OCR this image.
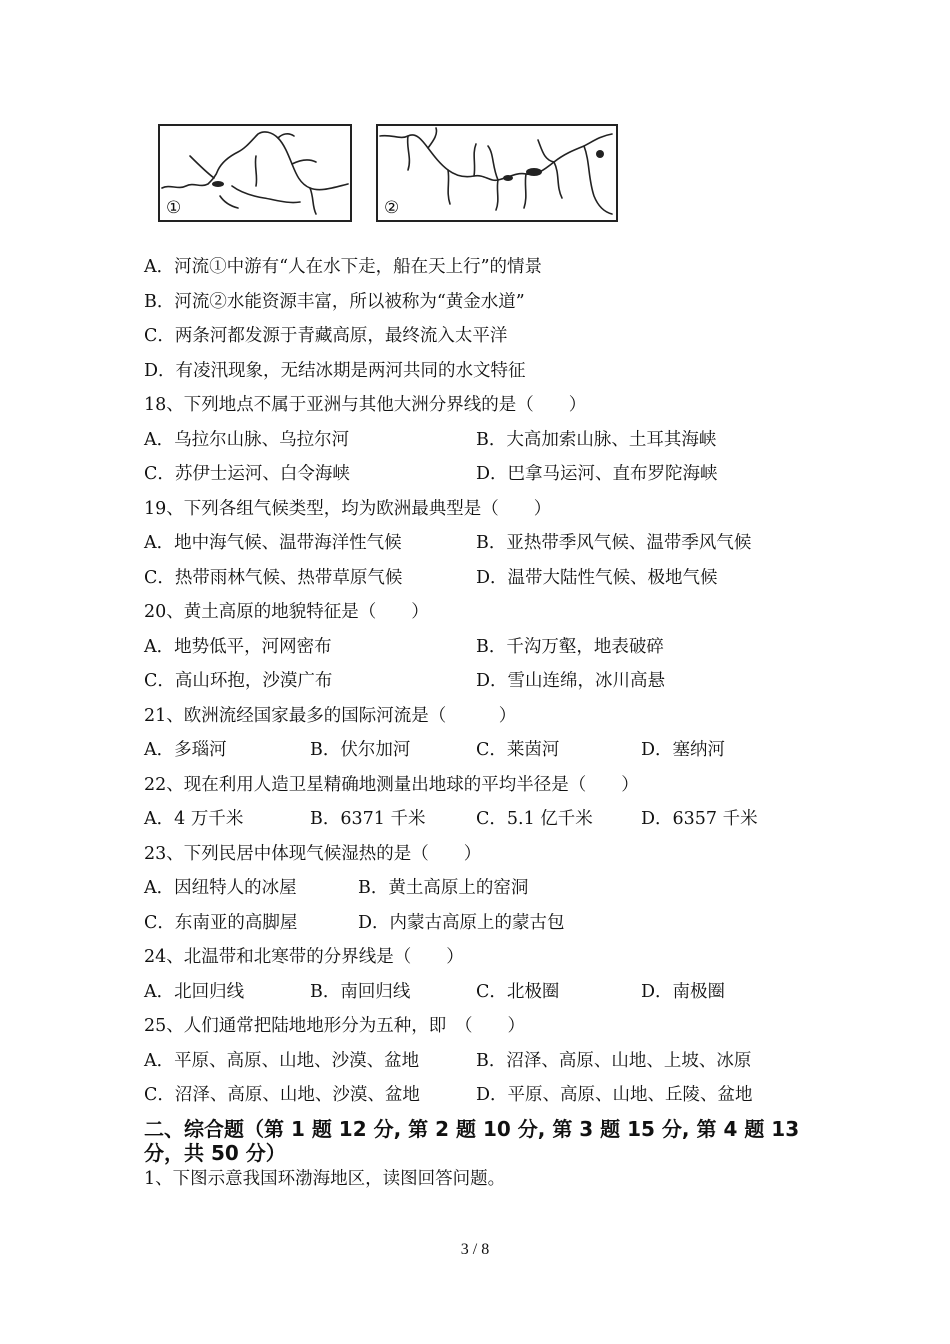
①	②
A．河流①中游有“人在水下走，船在天上行”的情景
B．河流②水能资源丰富，所以被称为“黄金水道”
C．两条河都发源于青藏高原，最终流入太平洋
D．有凌汛现象，无结冰期是两河共同的水文特征
18、下列地点不属于亚洲与其他大洲分界线的是（　　）
A．乌拉尔山脉、乌拉尔河	B．大高加索山脉、土耳其海峡
C．苏伊士运河、白令海峡	D．巴拿马运河、直布罗陀海峡
19、下列各组气候类型，均为欧洲最典型是（　　）
A．地中海气候、温带海洋性气候	B．亚热带季风气候、温带季风气候
C．热带雨林气候、热带草原气候	D．温带大陆性气候、极地气候
20、黄土高原的地貌特征是（　　）
A．地势低平，河网密布	B．千沟万壑，地表破碎
C．高山环抱，沙漠广布	D．雪山连绵，冰川高悬
21、欧洲流经国家最多的国际河流是（　　　）
A．多瑙河	B．伏尔加河	C．莱茵河	D．塞纳河
22、现在利用人造卫星精确地测量出地球的平均半径是（　　）
A．4 万千米	B．6371 千米	C．5.1 亿千米	D．6357 千米
23、下列民居中体现气候湿热的是（　　）
A．因纽特人的冰屋	B．黄土高原上的窑洞
C．东南亚的高脚屋	D．内蒙古高原上的蒙古包
24、北温带和北寒带的分界线是（　　）
A．北回归线	B．南回归线	C．北极圈	D．南极圈
25、人们通常把陆地地形分为五种，即　（　　）
A．平原、高原、山地、沙漠、盆地	B．沼泽、高原、山地、上坡、冰原
C．沼泽、高原、山地、沙漠、盆地	D．平原、高原、山地、丘陵、盆地
二、综合题（第 1 题 12 分, 第 2 题 10 分, 第 3 题 15 分, 第 4 题 13 分，共 50 分）
1、下图示意我国环渤海地区，读图回答问题。
3 / 8
